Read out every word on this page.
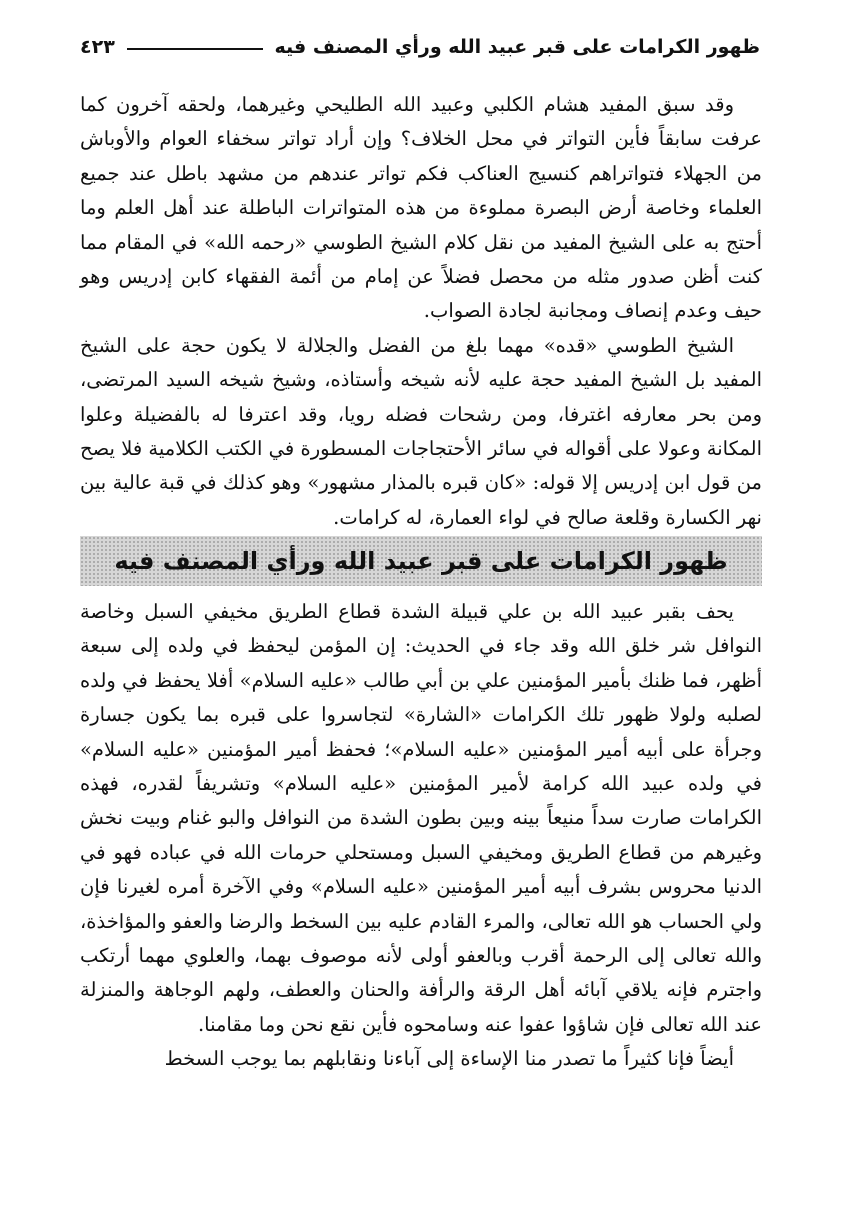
ظهور الكرامات على قبر عبيد الله ورأي المصنف فيه
٤٢٣

وقد سبق المفيد هشام الكلبي وعبيد الله الطليحي وغيرهما، ولحقه آخرون كما عرفت سابقاً فأين التواتر في محل الخلاف؟ وإن أراد تواتر سخفاء العوام والأوباش من الجهلاء فتواتراهم كنسيج العناكب فكم تواتر عندهم من مشهد باطل عند جميع العلماء وخاصة أرض البصرة مملوءة من هذه المتواترات الباطلة عند أهل العلم وما أحتج به على الشيخ المفيد من نقل كلام الشيخ الطوسي «رحمه الله» في المقام مما كنت أظن صدور مثله من محصل فضلاً عن إمام من أئمة الفقهاء كابن إدريس وهو حيف وعدم إنصاف ومجانبة لجادة الصواب.

الشيخ الطوسي «قده» مهما بلغ من الفضل والجلالة لا يكون حجة على الشيخ المفيد بل الشيخ المفيد حجة عليه لأنه شيخه وأستاذه، وشيخ شيخه السيد المرتضى، ومن بحر معارفه اغترفا، ومن رشحات فضله رويا، وقد اعترفا له بالفضيلة وعلوا المكانة وعولا على أقواله في سائر الأحتجاجات المسطورة في الكتب الكلامية فلا يصح من قول ابن إدريس إلا قوله: «كان قبره بالمذار مشهور» وهو كذلك في قبة عالية بين نهر الكسارة وقلعة صالح في لواء العمارة، له كرامات.

ظهور الكرامات على قبر عبيد الله ورأي المصنف فيه

يحف بقبر عبيد الله بن علي قبيلة الشدة قطاع الطريق مخيفي السبل وخاصة النوافل شر خلق الله وقد جاء في الحديث: إن المؤمن ليحفظ في ولده إلى سبعة أظهر، فما ظنك بأمير المؤمنين علي بن أبي طالب «عليه السلام» أفلا يحفظ في ولده لصلبه ولولا ظهور تلك الكرامات «الشارة» لتجاسروا على قبره بما يكون جسارة وجرأة على أبيه أمير المؤمنين «عليه السلام»؛ فحفظ أمير المؤمنين «عليه السلام» في ولده عبيد الله كرامة لأمير المؤمنين «عليه السلام» وتشريفاً لقدره، فهذه الكرامات صارت سداً منيعاً بينه وبين بطون الشدة من النوافل والبو غنام وبيت نخش وغيرهم من قطاع الطريق ومخيفي السبل ومستحلي حرمات الله في عباده فهو في الدنيا محروس بشرف أبيه أمير المؤمنين «عليه السلام» وفي الآخرة أمره لغيرنا فإن ولي الحساب هو الله تعالى، والمرء القادم عليه بين السخط والرضا والعفو والمؤاخذة، والله تعالى إلى الرحمة أقرب وبالعفو أولى لأنه موصوف بهما، والعلوي مهما أرتكب واجترم فإنه يلاقي آبائه أهل الرقة والرأفة والحنان والعطف، ولهم الوجاهة والمنزلة عند الله تعالى فإن شاؤوا عفوا عنه وسامحوه فأين نقع نحن وما مقامنا.

أيضاً فإنا كثيراً ما تصدر منا الإساءة إلى آباءنا ونقابلهم بما يوجب السخط
